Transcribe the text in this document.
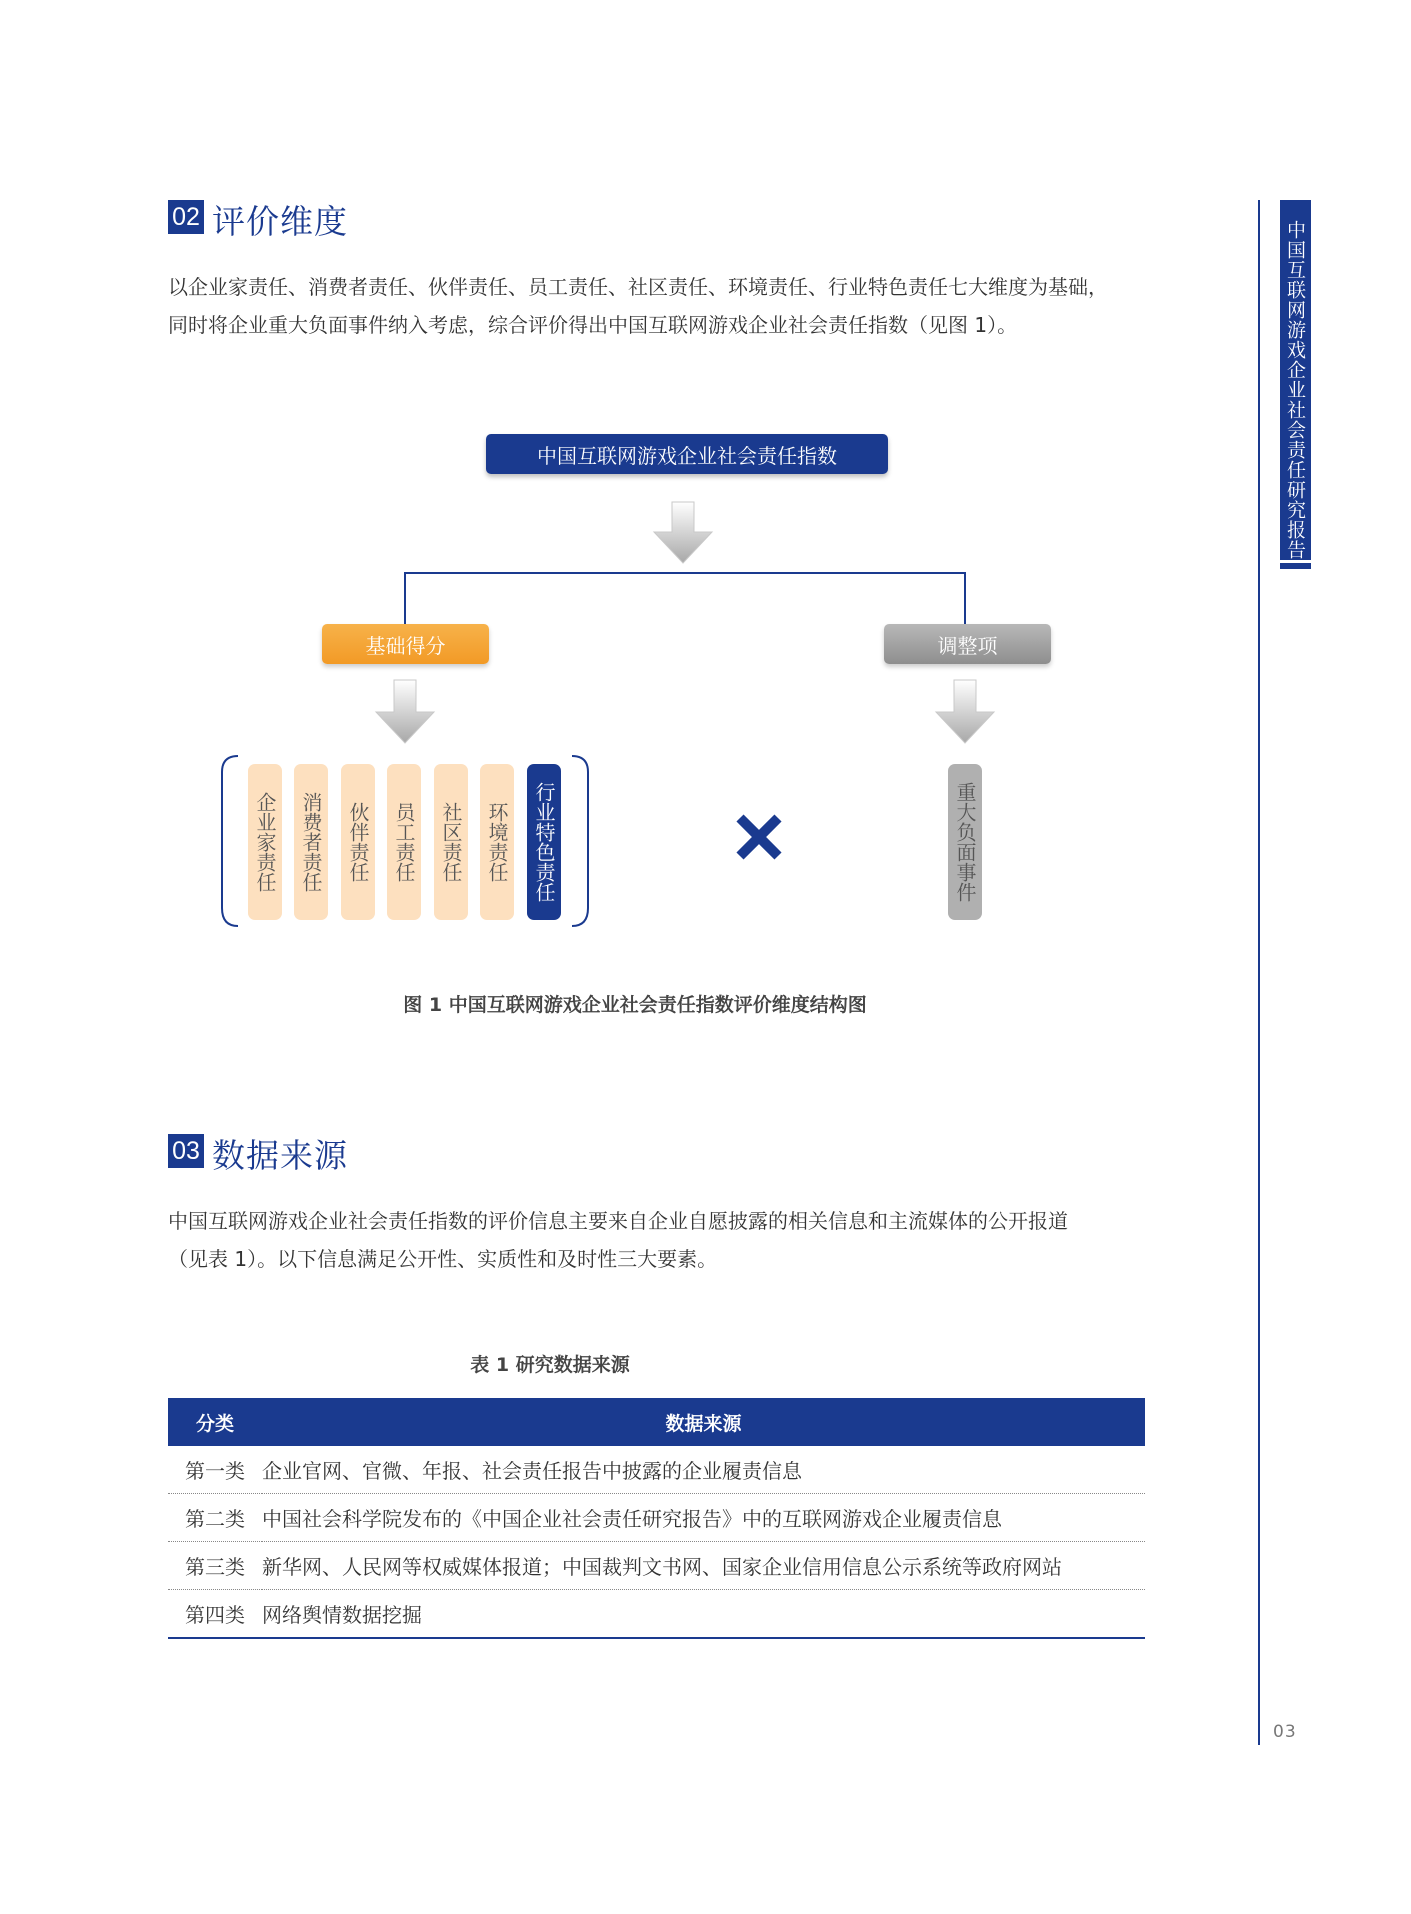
中国互联网游戏企业社会责任研究报告
03
02 评价维度
以企业家责任、消费者责任、伙伴责任、员工责任、社区责任、环境责任、行业特色责任七大维度为基础，
同时将企业重大负面事件纳入考虑，综合评价得出中国互联网游戏企业社会责任指数（见图 1）。
中国互联网游戏企业社会责任指数
基础得分	调整项
企业家责任 消费者责任 伙伴责任 员工责任 社区责任 环境责任 行业特色责任	重大负面事件
图 1 中国互联网游戏企业社会责任指数评价维度结构图
03 数据来源
中国互联网游戏企业社会责任指数的评价信息主要来自企业自愿披露的相关信息和主流媒体的公开报道
（见表 1）。以下信息满足公开性、实质性和及时性三大要素。
表 1 研究数据来源
分类	数据来源
第一类	企业官网、官微、年报、社会责任报告中披露的企业履责信息
第二类	中国社会科学院发布的《中国企业社会责任研究报告》中的互联网游戏企业履责信息
第三类	新华网、人民网等权威媒体报道；中国裁判文书网、国家企业信用信息公示系统等政府网站
第四类	网络舆情数据挖掘
